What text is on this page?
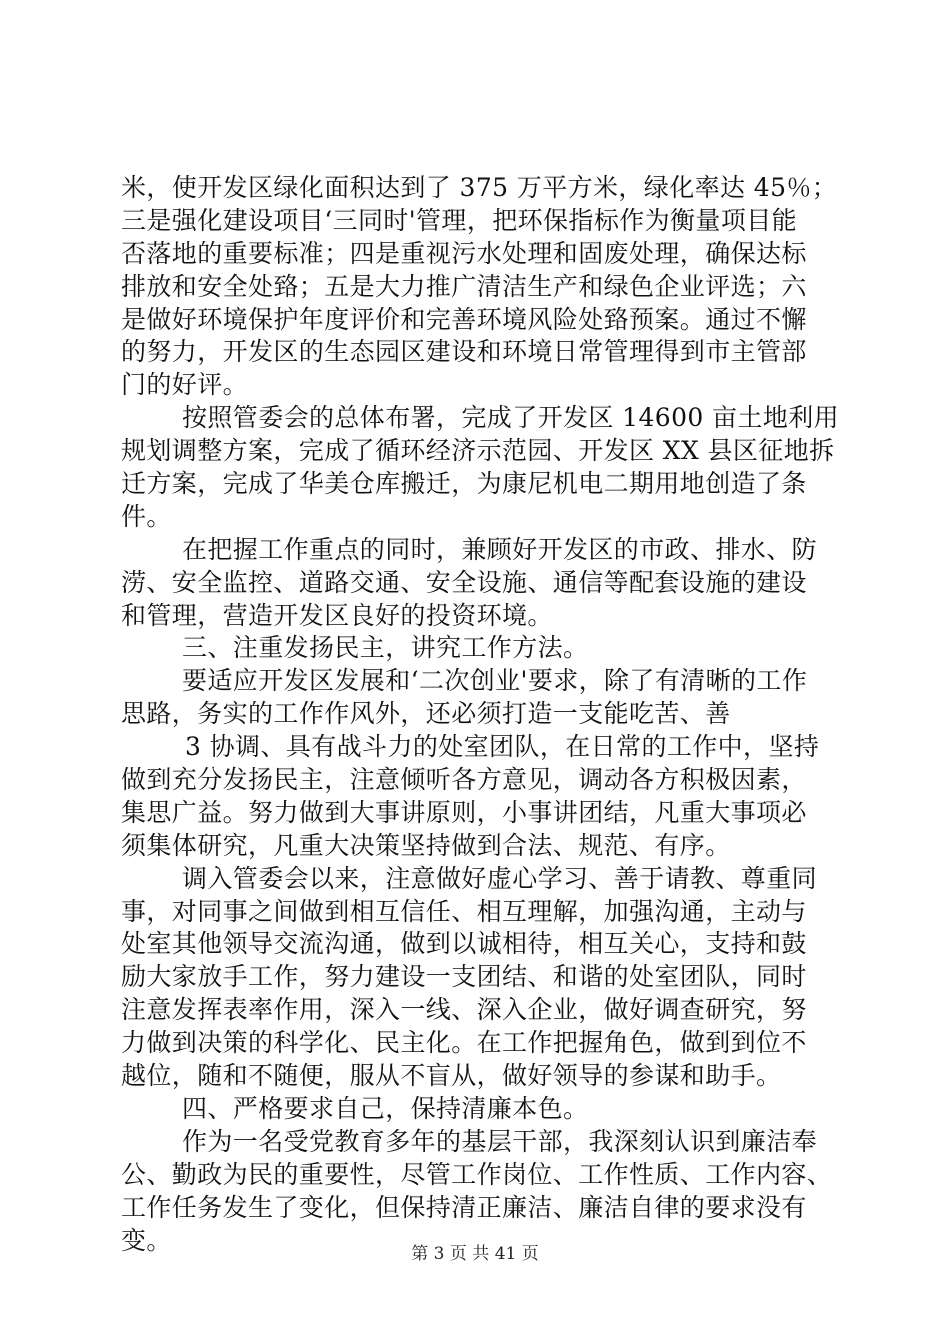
米，使开发区绿化面积达到了 375 万平方米，绿化率达 45％；
三是强化建设项目‘三同时'管理，把环保指标作为衡量项目能
否落地的重要标准；四是重视污水处理和固废处理，确保达标
排放和安全处臵；五是大力推广清洁生产和绿色企业评选；六
是做好环境保护年度评价和完善环境风险处臵预案。通过不懈
的努力，开发区的生态园区建设和环境日常管理得到市主管部
门的好评。
按照管委会的总体布署，完成了开发区 14600 亩土地利用
规划调整方案，完成了循环经济示范园、开发区 XX 县区征地拆
迁方案，完成了华美仓库搬迁，为康尼机电二期用地创造了条
件。
在把握工作重点的同时，兼顾好开发区的市政、排水、防
涝、安全监控、道路交通、安全设施、通信等配套设施的建设
和管理，营造开发区良好的投资环境。
三、注重发扬民主，讲究工作方法。
要适应开发区发展和‘二次创业'要求，除了有清晰的工作
思路，务实的工作作风外，还必须打造一支能吃苦、善
3 协调、具有战斗力的处室团队，在日常的工作中，坚持
做到充分发扬民主，注意倾听各方意见，调动各方积极因素，
集思广益。努力做到大事讲原则，小事讲团结，凡重大事项必
须集体研究，凡重大决策坚持做到合法、规范、有序。
调入管委会以来，注意做好虚心学习、善于请教、尊重同
事，对同事之间做到相互信任、相互理解，加强沟通，主动与
处室其他领导交流沟通，做到以诚相待，相互关心，支持和鼓
励大家放手工作，努力建设一支团结、和谐的处室团队，同时
注意发挥表率作用，深入一线、深入企业，做好调查研究，努
力做到决策的科学化、民主化。在工作把握角色，做到到位不
越位，随和不随便，服从不盲从，做好领导的参谋和助手。
四、严格要求自己，保持清廉本色。
作为一名受党教育多年的基层干部，我深刻认识到廉洁奉
公、勤政为民的重要性，尽管工作岗位、工作性质、工作内容、
工作任务发生了变化，但保持清正廉洁、廉洁自律的要求没有
变。	第 3 页 共 41 页
